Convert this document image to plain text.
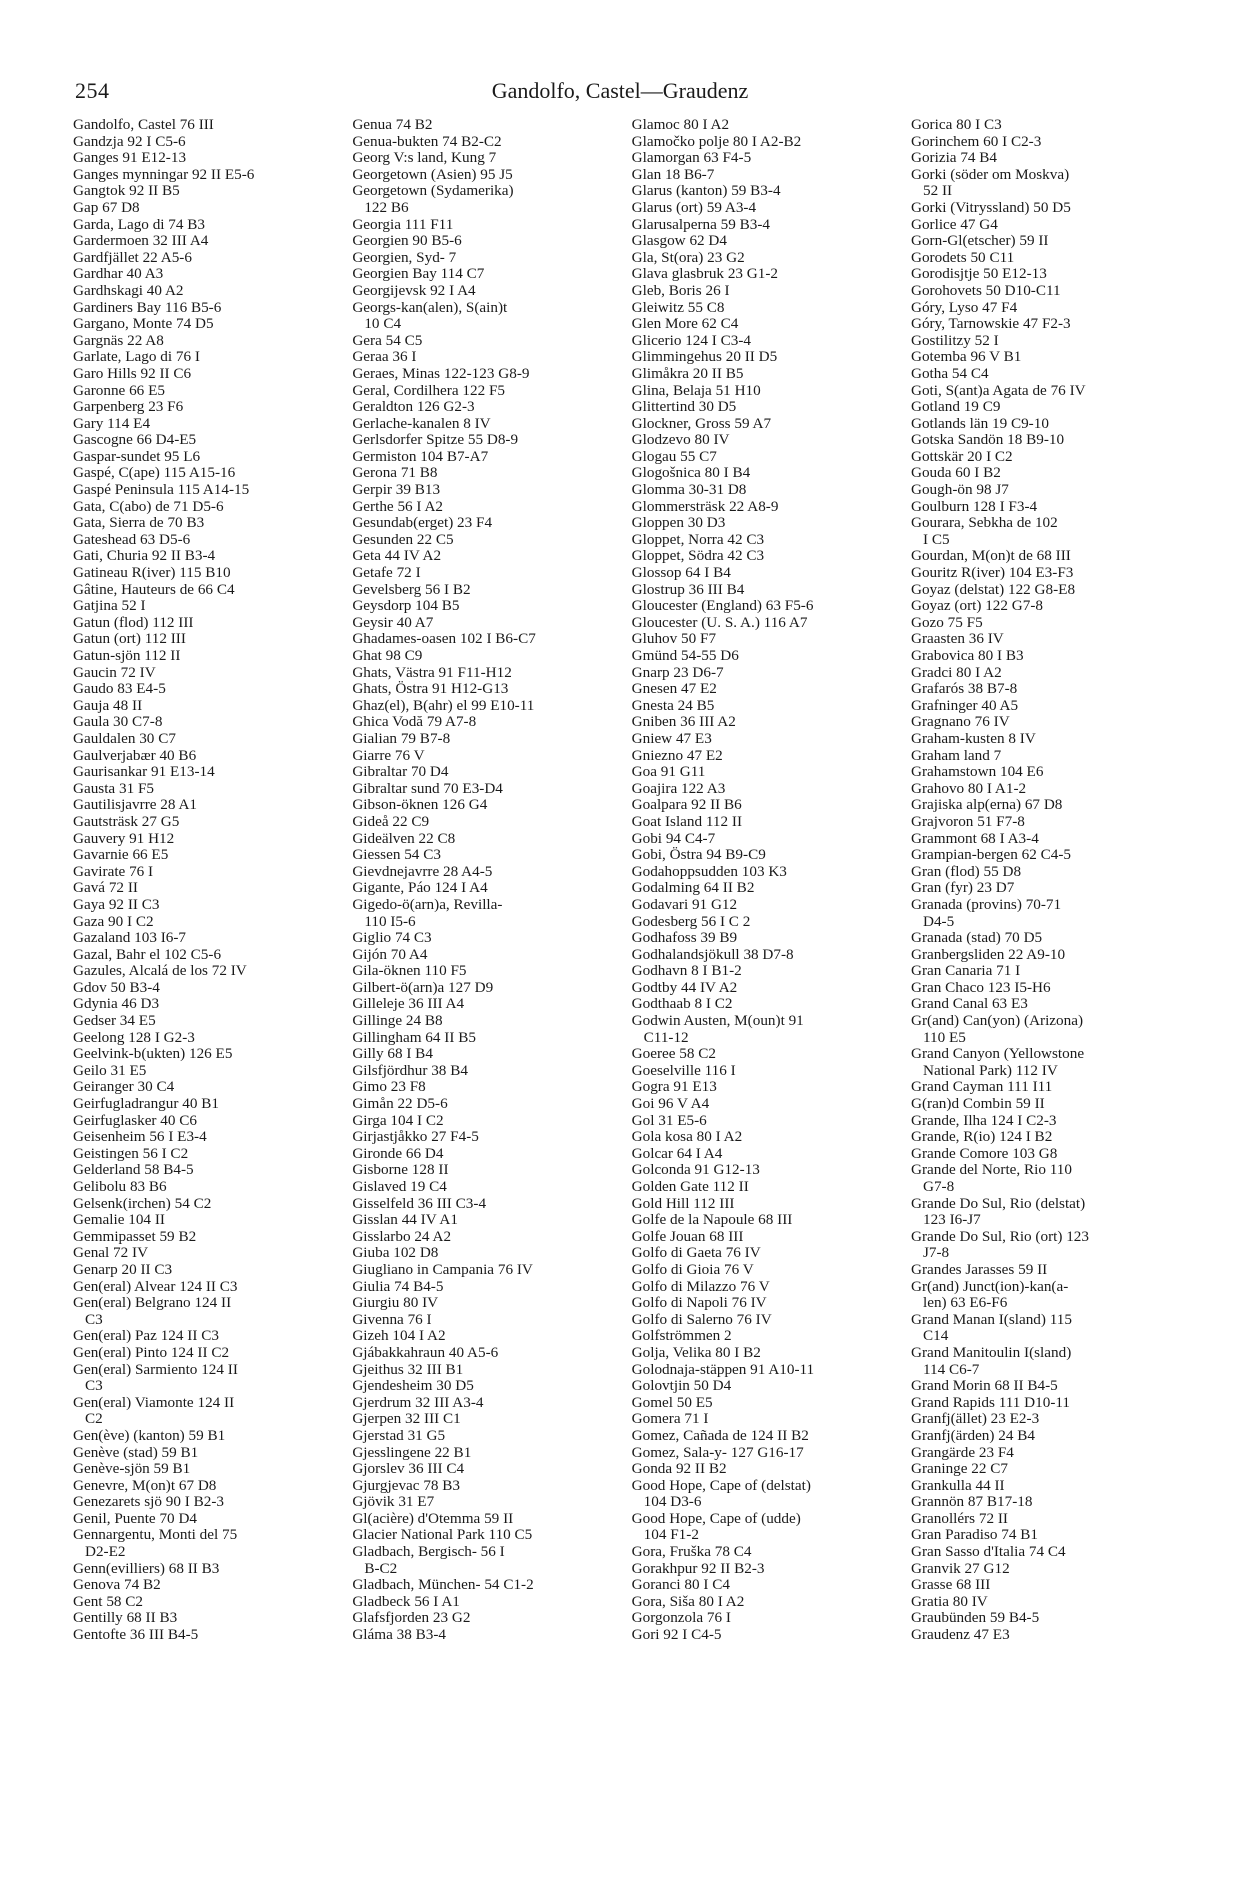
254	Gandolfo, Castel—Graudenz
Gandolfo, Castel 76 III
Gandzja 92 I C5-6
Ganges 91 E12-13
Ganges mynningar 92 II E5-6
Gangtok 92 II B5
Gap 67 D8
Garda, Lago di 74 B3
Gardermoen 32 III A4
Gardfjället 22 A5-6
Gardhar 40 A3
Gardhskagi 40 A2
Gardiners Bay 116 B5-6
Gargano, Monte 74 D5
Gargnäs 22 A8
Garlate, Lago di 76 I
Garo Hills 92 II C6
Garonne 66 E5
Garpenberg 23 F6
Gary 114 E4
Gascogne 66 D4-E5
Gaspar-sundet 95 L6
Gaspé, C(ape) 115 A15-16
Gaspé Peninsula 115 A14-15
Gata, C(abo) de 71 D5-6
Gata, Sierra de 70 B3
Gateshead 63 D5-6
Gati, Churia 92 II B3-4
Gatineau R(iver) 115 B10
Gâtine, Hauteurs de 66 C4
Gatjina 52 I
Gatun (flod) 112 III
Gatun (ort) 112 III
Gatun-sjön 112 II
Gaucin 72 IV
Gaudo 83 E4-5
Gauja 48 II
Gaula 30 C7-8
Gauldalen 30 C7
Gaulverjabær 40 B6
Gaurisankar 91 E13-14
Gausta 31 F5
Gautilisjavrre 28 A1
Gautsträsk 27 G5
Gauvery 91 H12
Gavarnie 66 E5
Gavirate 76 I
Gavá 72 II
Gaya 92 II C3
Gaza 90 I C2
Gazaland 103 I6-7
Gazal, Bahr el 102 C5-6
Gazules, Alcalá de los 72 IV
Gdov 50 B3-4
Gdynia 46 D3
Gedser 34 E5
Geelong 128 I G2-3
Geelvink-b(ukten) 126 E5
Geilo 31 E5
Geiranger 30 C4
Geirfugladrangur 40 B1
Geirfuglasker 40 C6
Geisenheim 56 I E3-4
Geistingen 56 I C2
Gelderland 58 B4-5
Gelibolu 83 B6
Gelsenk(irchen) 54 C2
Gemalie 104 II
Gemmipasset 59 B2
Genal 72 IV
Genarp 20 II C3
Gen(eral) Alvear 124 II C3
Gen(eral) Belgrano 124 II
C3
Gen(eral) Paz 124 II C3
Gen(eral) Pinto 124 II C2
Gen(eral) Sarmiento 124 II
C3
Gen(eral) Viamonte 124 II
C2
Gen(ève) (kanton) 59 B1
Genève (stad) 59 B1
Genève-sjön 59 B1
Genevre, M(on)t 67 D8
Genezarets sjö 90 I B2-3
Genil, Puente 70 D4
Gennargentu, Monti del 75
D2-E2
Genn(evilliers) 68 II B3
Genova 74 B2
Gent 58 C2
Gentilly 68 II B3
Gentofte 36 III B4-5
Genua 74 B2
Genua-bukten 74 B2-C2
Georg V:s land, Kung 7
Georgetown (Asien) 95 J5
Georgetown (Sydamerika)
122 B6
Georgia 111 F11
Georgien 90 B5-6
Georgien, Syd- 7
Georgien Bay 114 C7
Georgijevsk 92 I A4
Georgs-kan(alen), S(ain)t
10 C4
Gera 54 C5
Geraa 36 I
Geraes, Minas 122-123 G8-9
Geral, Cordilhera 122 F5
Geraldton 126 G2-3
Gerlache-kanalen 8 IV
Gerlsdorfer Spitze 55 D8-9
Germiston 104 B7-A7
Gerona 71 B8
Gerpir 39 B13
Gerthe 56 I A2
Gesundab(erget) 23 F4
Gesunden 22 C5
Geta 44 IV A2
Getafe 72 I
Gevelsberg 56 I B2
Geysdorp 104 B5
Geysir 40 A7
Ghadames-oasen 102 I B6-C7
Ghat 98 C9
Ghats, Västra 91 F11-H12
Ghats, Östra 91 H12-G13
Ghaz(el), B(ahr) el 99 E10-11
Ghica Vodă 79 A7-8
Gialian 79 B7-8
Giarre 76 V
Gibraltar 70 D4
Gibraltar sund 70 E3-D4
Gibson-öknen 126 G4
Gideå 22 C9
Gideälven 22 C8
Giessen 54 C3
Gievdnejavrre 28 A4-5
Gigante, Páo 124 I A4
Gigedo-ö(arn)a, Revilla-
110 I5-6
Giglio 74 C3
Gijón 70 A4
Gila-öknen 110 F5
Gilbert-ö(arn)a 127 D9
Gilleleje 36 III A4
Gillinge 24 B8
Gillingham 64 II B5
Gilly 68 I B4
Gilsfjördhur 38 B4
Gimo 23 F8
Gimån 22 D5-6
Girga 104 I C2
Girjastjåkko 27 F4-5
Gironde 66 D4
Gisborne 128 II
Gislaved 19 C4
Gisselfeld 36 III C3-4
Gisslan 44 IV A1
Gisslarbo 24 A2
Giuba 102 D8
Giugliano in Campania 76 IV
Giulia 74 B4-5
Giurgiu 80 IV
Givenna 76 I
Gizeh 104 I A2
Gjábakkahraun 40 A5-6
Gjeithus 32 III B1
Gjendesheim 30 D5
Gjerdrum 32 III A3-4
Gjerpen 32 III C1
Gjerstad 31 G5
Gjesslingene 22 B1
Gjorslev 36 III C4
Gjurgjevac 78 B3
Gjövik 31 E7
Gl(acière) d'Otemma 59 II
Glacier National Park 110 C5
Gladbach, Bergisch- 56 I
B-C2
Gladbach, München- 54 C1-2
Gladbeck 56 I A1
Glafsfjorden 23 G2
Gláma 38 B3-4
Glamoc 80 I A2
Glamočko polje 80 I A2-B2
Glamorgan 63 F4-5
Glan 18 B6-7
Glarus (kanton) 59 B3-4
Glarus (ort) 59 A3-4
Glarusalperna 59 B3-4
Glasgow 62 D4
Gla, St(ora) 23 G2
Glava glasbruk 23 G1-2
Gleb, Boris 26 I
Gleiwitz 55 C8
Glen More 62 C4
Glicerio 124 I C3-4
Glimmingehus 20 II D5
Glimåkra 20 II B5
Glina, Belaja 51 H10
Glittertind 30 D5
Glockner, Gross 59 A7
Glodzevo 80 IV
Glogau 55 C7
Glogošnica 80 I B4
Glomma 30-31 D8
Glommersträsk 22 A8-9
Gloppen 30 D3
Gloppet, Norra 42 C3
Gloppet, Södra 42 C3
Glossop 64 I B4
Glostrup 36 III B4
Gloucester (England) 63 F5-6
Gloucester (U. S. A.) 116 A7
Gluhov 50 F7
Gmünd 54-55 D6
Gnarp 23 D6-7
Gnesen 47 E2
Gnesta 24 B5
Gniben 36 III A2
Gniew 47 E3
Gniezno 47 E2
Goa 91 G11
Goajira 122 A3
Goalpara 92 II B6
Goat Island 112 II
Gobi 94 C4-7
Gobi, Östra 94 B9-C9
Godahoppsudden 103 K3
Godalming 64 II B2
Godavari 91 G12
Godesberg 56 I C 2
Godhafoss 39 B9
Godhalandsjökull 38 D7-8
Godhavn 8 I B1-2
Godtby 44 IV A2
Godthaab 8 I C2
Godwin Austen, M(oun)t 91
C11-12
Goeree 58 C2
Goeselville 116 I
Gogra 91 E13
Goi 96 V A4
Gol 31 E5-6
Gola kosa 80 I A2
Golcar 64 I A4
Golconda 91 G12-13
Golden Gate 112 II
Gold Hill 112 III
Golfe de la Napoule 68 III
Golfe Jouan 68 III
Golfo di Gaeta 76 IV
Golfo di Gioia 76 V
Golfo di Milazzo 76 V
Golfo di Napoli 76 IV
Golfo di Salerno 76 IV
Golfströmmen 2
Golja, Velika 80 I B2
Golodnaja-stäppen 91 A10-11
Golovtjin 50 D4
Gomel 50 E5
Gomera 71 I
Gomez, Cañada de 124 II B2
Gomez, Sala-y- 127 G16-17
Gonda 92 II B2
Good Hope, Cape of (delstat)
104 D3-6
Good Hope, Cape of (udde)
104 F1-2
Gora, Fruška 78 C4
Gorakhpur 92 II B2-3
Goranci 80 I C4
Gora, Siša 80 I A2
Gorgonzola 76 I
Gori 92 I C4-5
Gorica 80 I C3
Gorinchem 60 I C2-3
Gorizia 74 B4
Gorki (söder om Moskva)
52 II
Gorki (Vitryssland) 50 D5
Gorlice 47 G4
Gorn-Gl(etscher) 59 II
Gorodets 50 C11
Gorodisjtje 50 E12-13
Gorohovets 50 D10-C11
Góry, Lyso 47 F4
Góry, Tarnowskie 47 F2-3
Gostilitzy 52 I
Gotemba 96 V B1
Gotha 54 C4
Goti, S(ant)a Agata de 76 IV
Gotland 19 C9
Gotlands län 19 C9-10
Gotska Sandön 18 B9-10
Gottskär 20 I C2
Gouda 60 I B2
Gough-ön 98 J7
Goulburn 128 I F3-4
Gourara, Sebkha de 102
I C5
Gourdan, M(on)t de 68 III
Gouritz R(iver) 104 E3-F3
Goyaz (delstat) 122 G8-E8
Goyaz (ort) 122 G7-8
Gozo 75 F5
Graasten 36 IV
Grabovica 80 I B3
Gradci 80 I A2
Grafarós 38 B7-8
Grafninger 40 A5
Gragnano 76 IV
Graham-kusten 8 IV
Graham land 7
Grahamstown 104 E6
Grahovo 80 I A1-2
Grajiska alp(erna) 67 D8
Grajvoron 51 F7-8
Grammont 68 I A3-4
Grampian-bergen 62 C4-5
Gran (flod) 55 D8
Gran (fyr) 23 D7
Granada (provins) 70-71
D4-5
Granada (stad) 70 D5
Granbergsliden 22 A9-10
Gran Canaria 71 I
Gran Chaco 123 I5-H6
Grand Canal 63 E3
Gr(and) Can(yon) (Arizona)
110 E5
Grand Canyon (Yellowstone
National Park) 112 IV
Grand Cayman 111 I11
G(ran)d Combin 59 II
Grande, Ilha 124 I C2-3
Grande, R(io) 124 I B2
Grande Comore 103 G8
Grande del Norte, Rio 110
G7-8
Grande Do Sul, Rio (delstat)
123 I6-J7
Grande Do Sul, Rio (ort) 123
J7-8
Grandes Jarasses 59 II
Gr(and) Junct(ion)-kan(a-
len) 63 E6-F6
Grand Manan I(sland) 115
C14
Grand Manitoulin I(sland)
114 C6-7
Grand Morin 68 II B4-5
Grand Rapids 111 D10-11
Granfj(ället) 23 E2-3
Granfj(ärden) 24 B4
Grangärde 23 F4
Graninge 22 C7
Grankulla 44 II
Grannön 87 B17-18
Granollérs 72 II
Gran Paradiso 74 B1
Gran Sasso d'Italia 74 C4
Granvik 27 G12
Grasse 68 III
Gratia 80 IV
Graubünden 59 B4-5
Graudenz 47 E3
